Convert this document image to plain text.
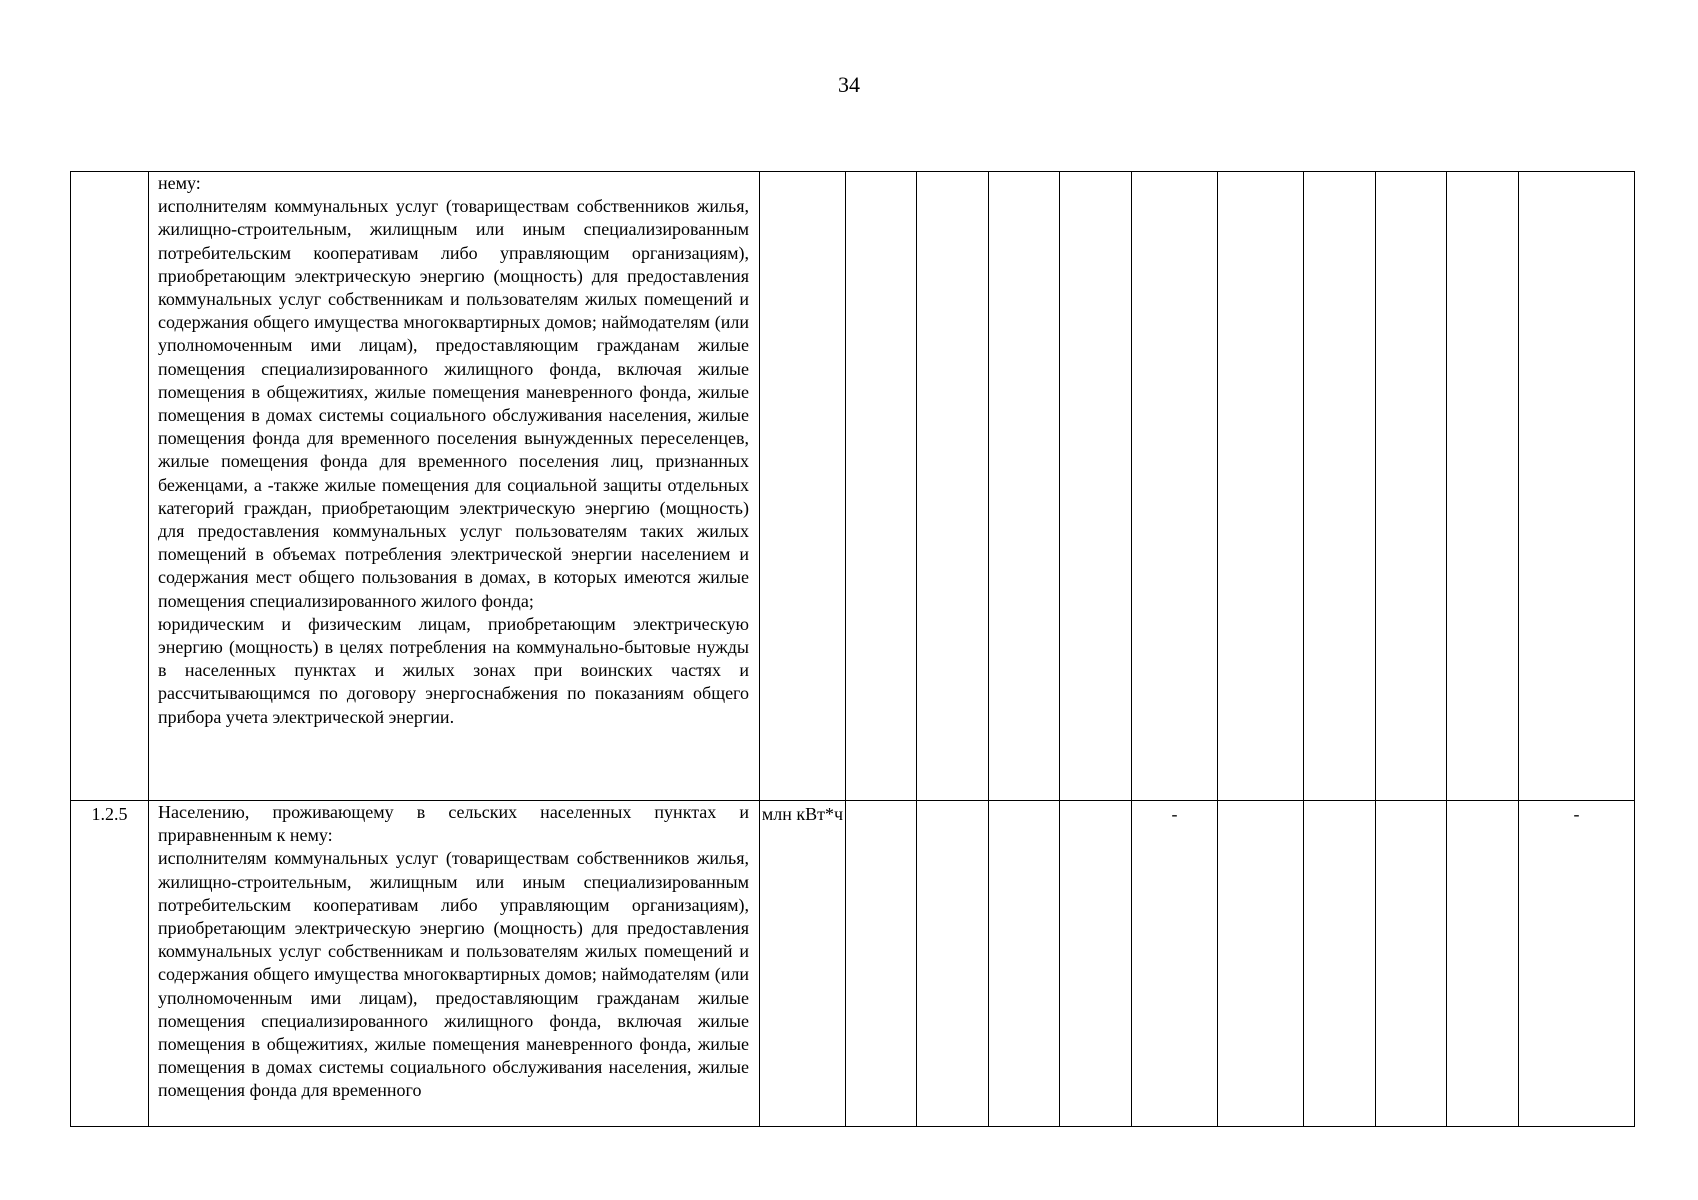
34

	нему:

исполнителям коммунальных услуг (товариществам собственников жилья, жилищно-строительным, жилищным или иным специализированным потребительским кооперативам либо управляющим организациям), приобретающим электрическую энергию (мощность) для предоставления коммунальных услуг собственникам и пользователям жилых помещений и содержания общего имущества многоквартирных домов; наймодателям (или уполномоченным ими лицам), предоставляющим гражданам жилые помещения специализированного жилищного фонда, включая жилые помещения в общежитиях, жилые помещения маневренного фонда, жилые помещения в домах системы социального обслуживания населения, жилые помещения фонда для временного поселения вынужденных переселенцев, жилые помещения фонда для временного поселения лиц, признанных беженцами, а -также жилые помещения для социальной защиты отдельных категорий граждан, приобретающим электрическую энергию (мощность) для предоставления коммунальных услуг пользователям таких жилых помещений в объемах потребления электрической энергии населением и содержания мест общего пользования в домах, в которых имеются жилые помещения специализированного жилого фонда;

юридическим и физическим лицам, приобретающим электрическую энергию (мощность) в целях потребления на коммунально-бытовые нужды в населенных пунктах и жилых зонах при воинских частях и рассчитывающимся по договору энергоснабжения по показаниям общего прибора учета электрической энергии.											

1.2.5	Населению, проживающему в сельских населенных пунктах и приравненным к нему:

исполнителям коммунальных услуг (товариществам собственников жилья, жилищно-строительным, жилищным или иным специализированным потребительским кооперативам либо управляющим организациям), приобретающим электрическую энергию (мощность) для предоставления коммунальных услуг собственникам и пользователям жилых помещений и содержания общего имущества многоквартирных домов; наймодателям (или уполномоченным ими лицам), предоставляющим гражданам жилые помещения специализированного жилищного фонда, включая жилые помещения в общежитиях, жилые помещения маневренного фонда, жилые помещения в домах системы социального обслуживания населения, жилые помещения фонда для временного	млн кВт*ч					-					-
